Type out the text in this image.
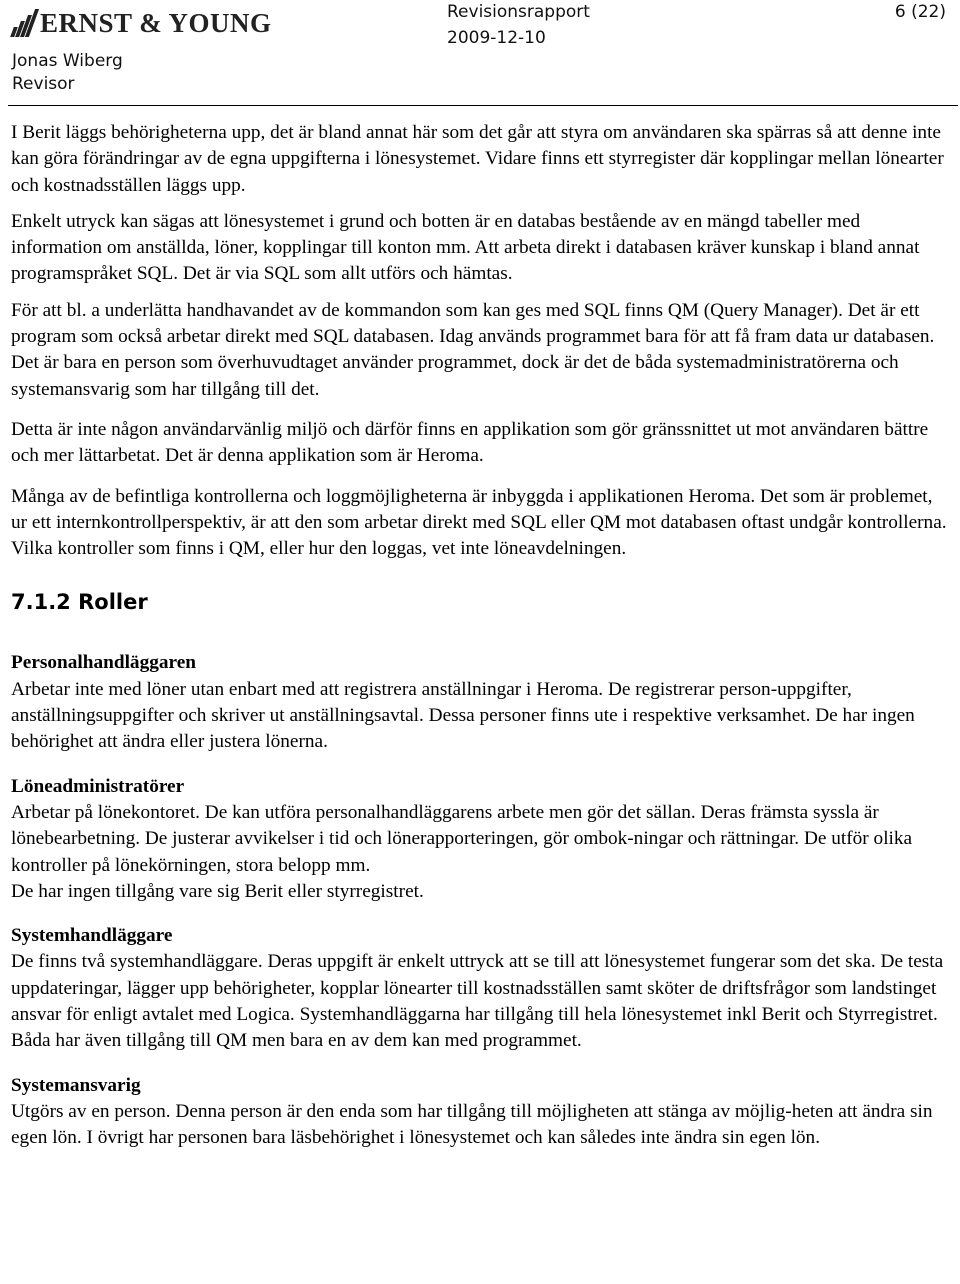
ERNST & YOUNG
Jonas Wiberg
Revisor
Revisionsrapport
2009-12-10
6 (22)

I Berit läggs behörigheterna upp, det är bland annat här som det går att styra om användaren ska spärras så att denne inte kan göra förändringar av de egna uppgifterna i lönesystemet. Vidare finns ett styrregister där kopplingar mellan lönearter och kostnadsställen läggs upp.

Enkelt utryck kan sägas att lönesystemet i grund och botten är en databas bestående av en mängd tabeller med information om anställda, löner, kopplingar till konton mm. Att arbeta direkt i databasen kräver kunskap i bland annat programspråket SQL. Det är via SQL som allt utförs och hämtas.

För att bl. a underlätta handhavandet av de kommandon som kan ges med SQL finns QM (Query Manager). Det är ett program som också arbetar direkt med SQL databasen. Idag används programmet bara för att få fram data ur databasen. Det är bara en person som överhuvudtaget använder programmet, dock är det de båda systemadministratörerna och systemansvarig som har tillgång till det.

Detta är inte någon användarvänlig miljö och därför finns en applikation som gör gränssnittet ut mot användaren bättre och mer lättarbetat. Det är denna applikation som är Heroma.

Många av de befintliga kontrollerna och loggmöjligheterna är inbyggda i applikationen Heroma. Det som är problemet, ur ett internkontrollperspektiv, är att den som arbetar direkt med SQL eller QM mot databasen oftast undgår kontrollerna. Vilka kontroller som finns i QM, eller hur den loggas, vet inte löneavdelningen.

7.1.2 Roller

Personalhandläggaren

Arbetar inte med löner utan enbart med att registrera anställningar i Heroma. De registrerar person-uppgifter, anställningsuppgifter och skriver ut anställningsavtal. Dessa personer finns ute i respektive verksamhet. De har ingen behörighet att ändra eller justera lönerna.

Löneadministratörer

Arbetar på lönekontoret. De kan utföra personalhandläggarens arbete men gör det sällan. Deras främsta syssla är lönebearbetning. De justerar avvikelser i tid och lönerapporteringen, gör ombok-ningar och rättningar. De utför olika kontroller på lönekörningen, stora belopp mm.

De har ingen tillgång vare sig Berit eller styrregistret.

Systemhandläggare

De finns två systemhandläggare. Deras uppgift är enkelt uttryck att se till att lönesystemet fungerar som det ska. De testa uppdateringar, lägger upp behörigheter, kopplar lönearter till kostnadsställen samt sköter de driftsfrågor som landstinget ansvar för enligt avtalet med Logica. Systemhandläggarna har tillgång till hela lönesystemet inkl Berit och Styrregistret. Båda har även tillgång till QM men bara en av dem kan med programmet.

Systemansvarig

Utgörs av en person. Denna person är den enda som har tillgång till möjligheten att stänga av möjlig-heten att ändra sin egen lön. I övrigt har personen bara läsbehörighet i lönesystemet och kan således inte ändra sin egen lön.
